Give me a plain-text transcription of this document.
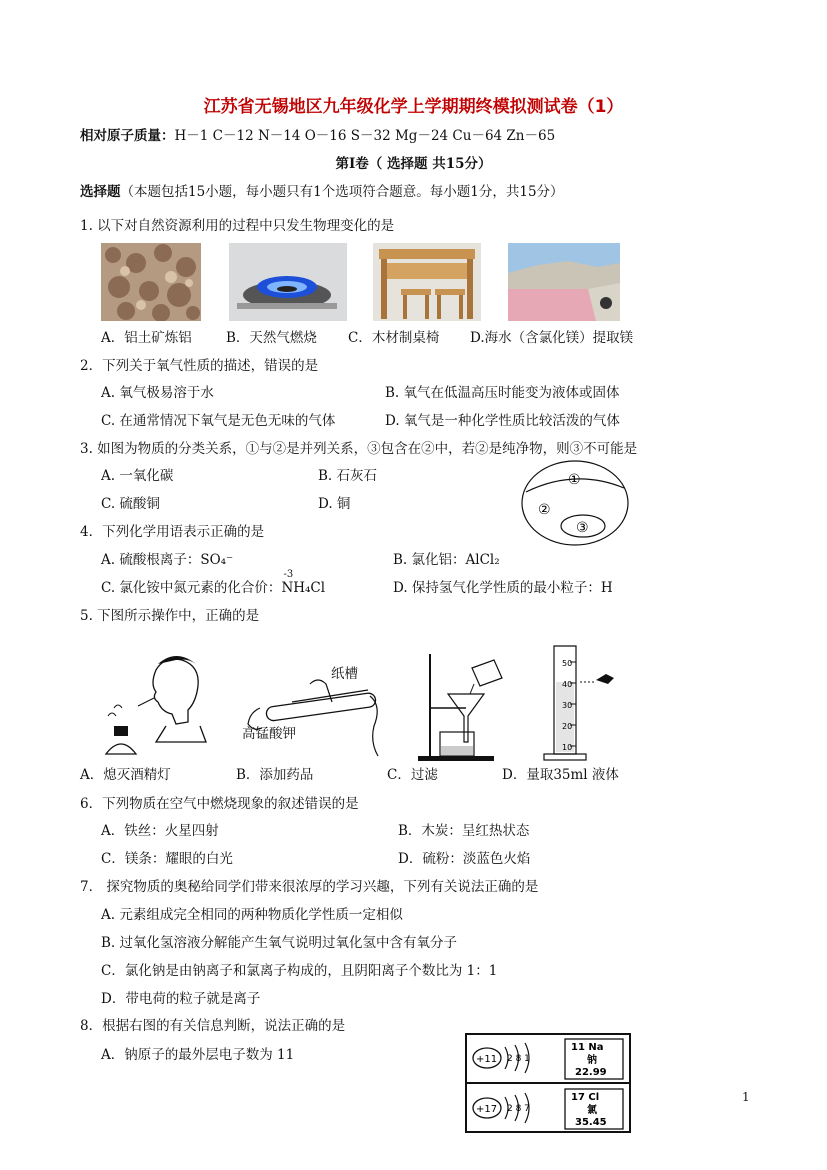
江苏省无锡地区九年级化学上学期期终模拟测试卷（1）
相对原子质量：H－1 C－12 N－14 O－16 S－32 Mg－24 Cu－64 Zn－65
第Ⅰ卷（ 选择题 共15分）
选择题（本题包括15小题，每小题只有1个选项符合题意。每小题1分，共15分）
1. 以下对自然资源利用的过程中只发生物理变化的是
A．铝土矿炼铝	B．天然气燃烧 C．木材制桌椅 D.海水（含氯化镁）提取镁
2．下列关于氧气性质的描述，错误的是
A. 氧气极易溶于水	B. 氧气在低温高压时能变为液体或固体
C. 在通常情况下氧气是无色无味的气体	D. 氧气是一种化学性质比较活泼的气体
3. 如图为物质的分类关系，①与②是并列关系，③包含在②中，若②是纯净物，则③不可能是
A. 一氧化碳	B. 石灰石
C. 硫酸铜	D. 铜
①
②
③
4．下列化学用语表示正确的是
A. 硫酸根离子：SO₄⁻	B. 氯化铝：AlCl₂
C. 氯化铵中氮元素的化合价：
-3
NH₄Cl	D. 保持氢气化学性质的最小粒子：H
5. 下图所示操作中，正确的是
纸槽
高锰酸钾
50
40
30
20
10
A．熄灭酒精灯	B．添加药品	C．过滤	D．量取35ml 液体
6．下列物质在空气中燃烧现象的叙述错误的是
A．铁丝：火星四射	B．木炭：呈红热状态
C．镁条：耀眼的白光	D．硫粉：淡蓝色火焰
7． 探究物质的奥秘给同学们带来很浓厚的学习兴趣，下列有关说法正确的是
A. 元素组成完全相同的两种物质化学性质一定相似
B. 过氧化氢溶液分解能产生氧气说明过氧化氢中含有氧分子
C．氯化钠是由钠离子和氯离子构成的，且阴阳离子个数比为 1：1
D．带电荷的粒子就是离子
8．根据右图的有关信息判断，说法正确的是
A．钠原子的最外层电子数为 11	+11 2 8 1
11 Na
钠
22.99
+17 2 8 7
17 Cl
氯
35.45
1
